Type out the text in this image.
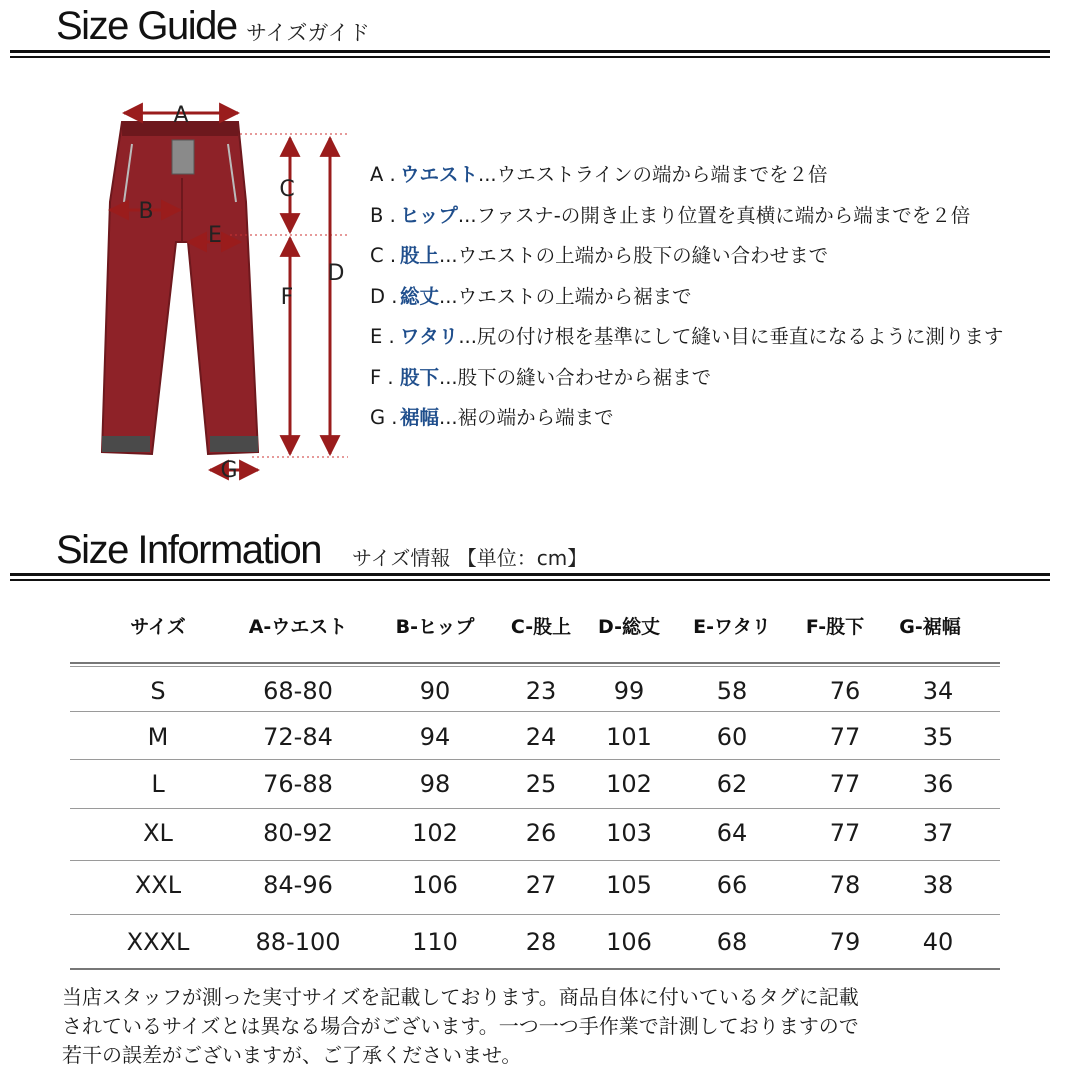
Size Guide サイズガイド
A
B
C
D
E
F
G
A . ウエスト...ウエストラインの端から端までを２倍
B . ヒップ...ファスナ-の開き止まり位置を真横に端から端までを２倍
C . 股上...ウエストの上端から股下の縫い合わせまで
D . 総丈...ウエストの上端から裾まで
E . ワタリ...尻の付け根を基準にして縫い目に垂直になるように測ります
F . 股下...股下の縫い合わせから裾まで
G . 裾幅...裾の端から端まで
Size Information サイズ情報 【単位：cm】
サイズ	A-ウエスト	B-ヒップ C-股上 D-総丈 E-ワタリ F-股下 G-裾幅
S	68-80	90	23 99	58	76	34
M	72-84	94	24 101	60	77	35
L	76-88	98	25 102	62	77	36
XL	80-92	102	26 103	64	77	37
XXL	84-96	106	27 105	66	78	38
XXXL	88-100	110	28 106	68	79	40
当店スタッフが測った実寸サイズを記載しております。商品自体に付いているタグに記載
されているサイズとは異なる場合がございます。一つ一つ手作業で計測しておりますので
若干の誤差がございますが、ご了承くださいませ。
